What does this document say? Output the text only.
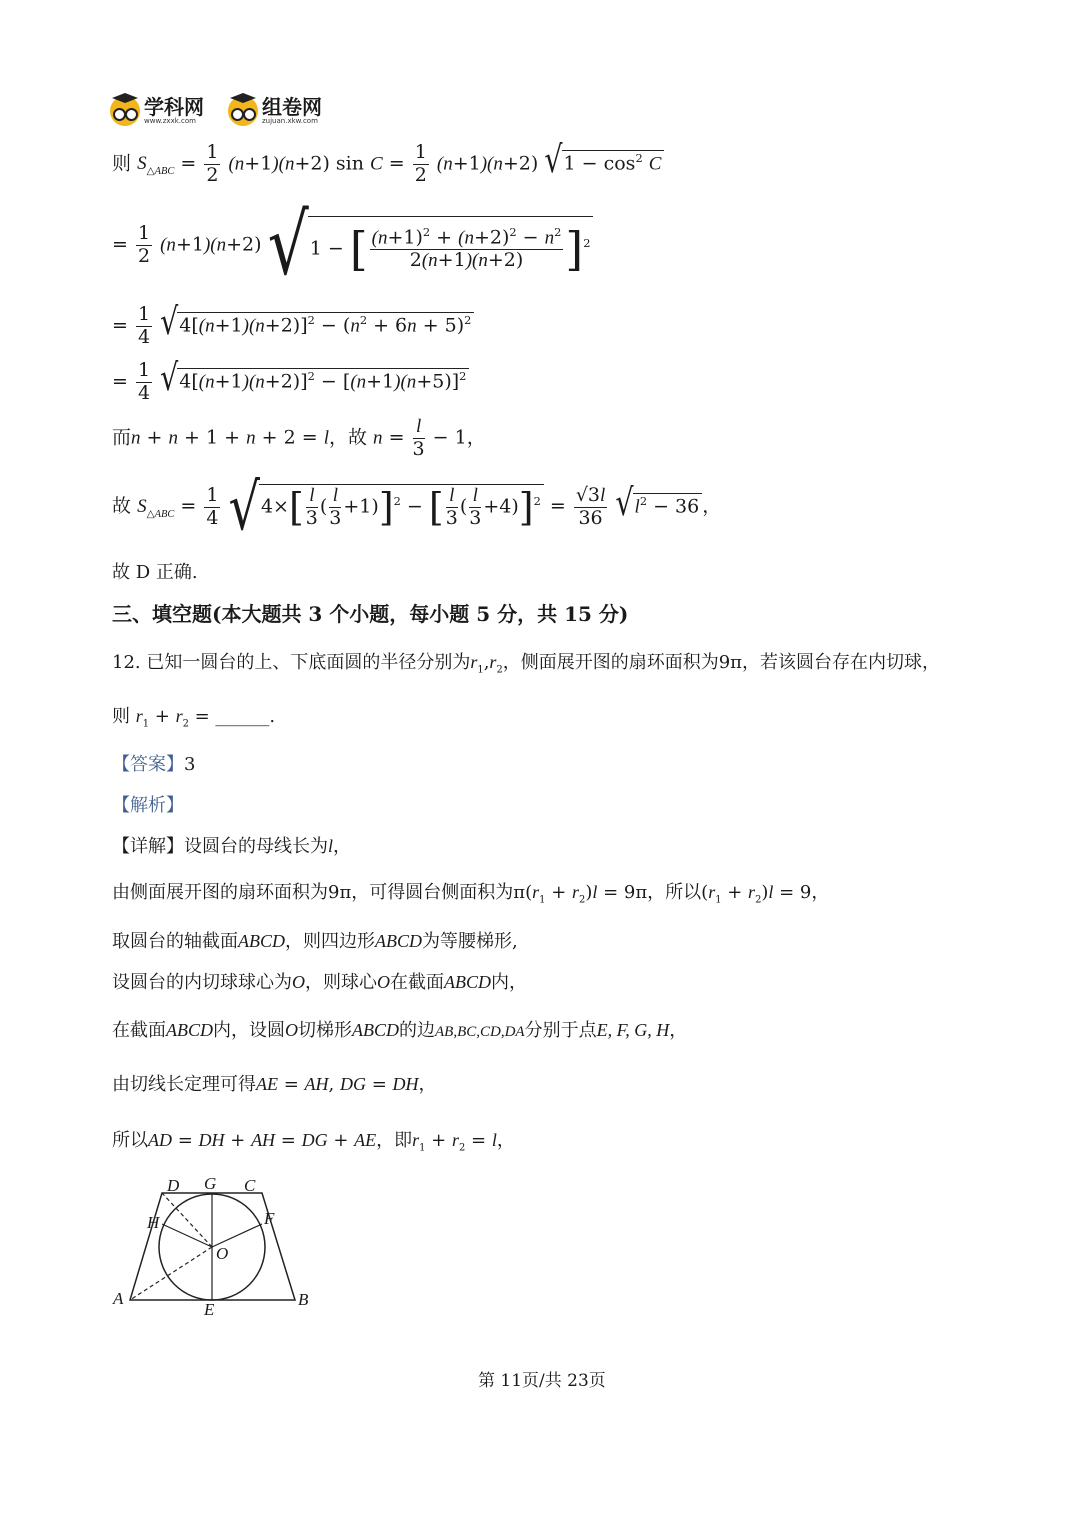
学科网
www.zxxk.com
组卷网
zujuan.xkw.com
则 $S_{\triangle ABC} = \frac{1}{2} (n+1)(n+2)$ $\sin C = \frac{1}{2} (n+1)(n+2) √1 - \cos^2 C$
= $\frac{1}{2} (n+1)(n+2) √1$ − [ $\frac{(n+1)^2 + (n+2)^2 - n^2}{2(n+1)(n+2)} ]^2$
= $\frac{1}{4} √4[(n+1)(n+2)]^2 - (n^2 + 6n + 5)^2$
= $\frac{1}{4} √4[(n+1)(n+2)]^2 - [(n+1)(n+5)]^2$
而n + n + 1 + n + 2 = l，故 $n = \frac{l}{3} - 1$，
故 $S_{\triangle ABC} = \frac{1}{4} √4\times[ \frac{l}{3}$ ( $\frac{l}{3} +1)]^2$ − [ $\frac{l}{3}$ ( $\frac{l}{3} +4)]^2 = \frac{√3l}{36} √l^2 - 36$ ，
故 D 正确.
三、填空题(本大题共 3 个小题，每小题 5 分，共 15 分)
12. 已知一圆台的上、下底面圆的半径分别为$r_1,r_2$，侧面展开图的扇环面积为9π，若该圆台存在内切球，
则 $r_1 + r_2$ = ______.
【答案】3
【解析】
【详解】设圆台的母线长为l，
由侧面展开图的扇环面积为9π，可得圆台侧面积为$\pi(r_1 + r_2)l = 9\pi$，所以$(r_1 + r_2)l = 9$，
取圆台的轴截面ABCD，则四边形ABCD为等腰梯形,
设圆台的内切球球心为O，则球心O在截面ABCD内，
在截面ABCD内，设圆O切梯形ABCD的边AB,BC,CD,DA分别于点E, F, G, H，
由切线长定理可得AE = AH, DG = DH，
所以AD = DH + AH = DG + AE，即$r_1 + r_2 = l$，
D G C
H	F
O
A
E
B
第 11页/共 23页
